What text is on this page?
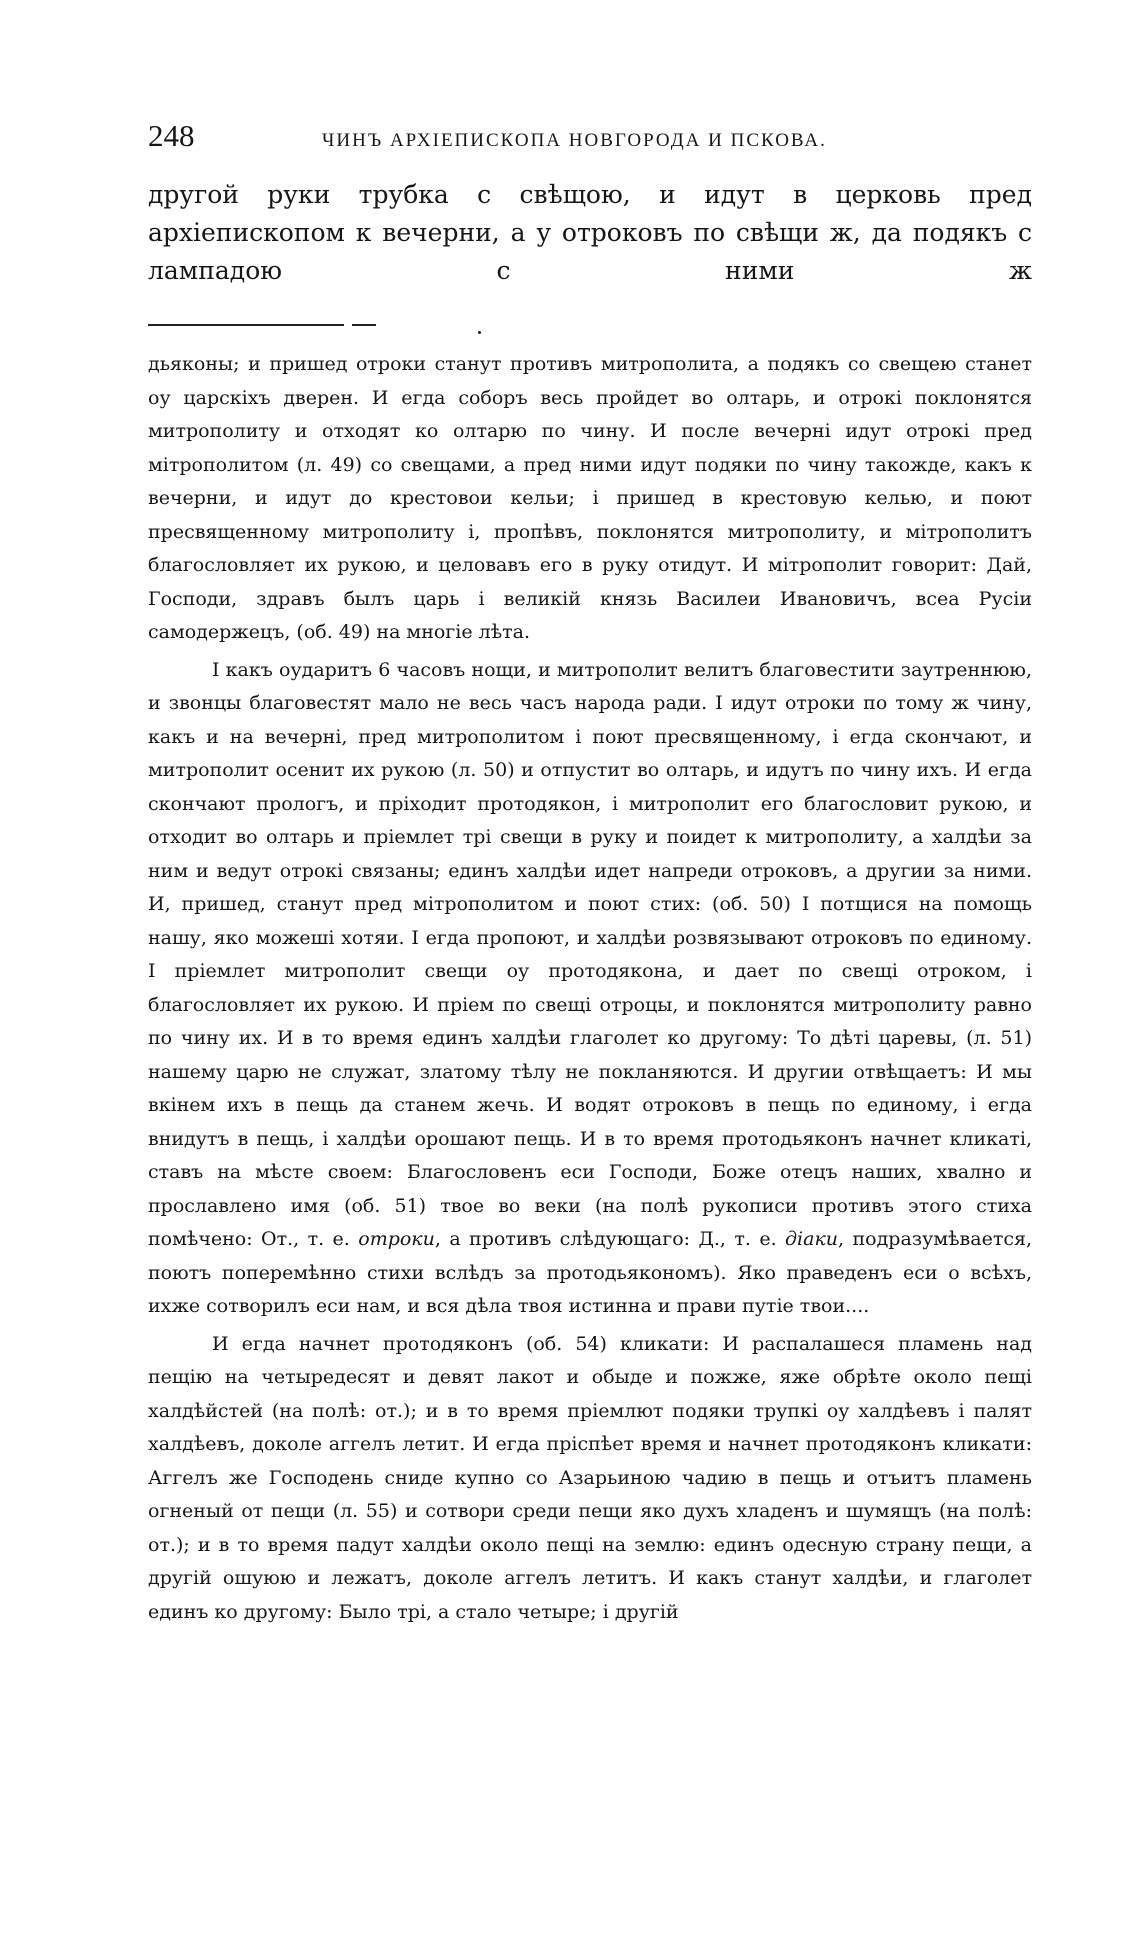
248	ЧИНЪ АРХІЕПИСКОПА НОВГОРОДА И ПСКОВА.

другой руки трубка с свѣщою, и идут в церковь пред архіепископом к вечерни, а у отроковъ по свѣщи ж, да подякъ с лампадою с ними ж

дьяконы; и пришед отроки станут противъ митрополита, а подякъ со свещею станет оу царскіхъ дверен. И егда соборъ весь пройдет во олтарь, и отрокі поклонятся митрополиту и отходят ко олтарю по чину. И после вечерні идут отрокі пред мітрополитом (л. 49) со свещами, а пред ними идут подяки по чину такожде, какъ к вечерни, и идут до крестовои кельи; і пришед в крестовую келью, и поют пресвященному митрополиту і, пропѣвъ, поклонятся митрополиту, и мітрополитъ благословляет их рукою, и целовавъ его в руку отидут. И мітрополит говорит: Дай, Господи, здравъ былъ царь і великій князь Василеи Ивановичъ, всеа Русіи самодержецъ, (об. 49) на многіе лѣта.

І какъ оударитъ 6 часовъ нощи, и митрополит велитъ благовестити заутреннюю, и звонцы благовестят мало не весь часъ народа ради. І идут отроки по тому ж чину, какъ и на вечерні, пред митрополитом і поют пресвященному, і егда скончают, и митрополит осенит их рукою (л. 50) и отпустит во олтарь, и идутъ по чину ихъ. И егда скончают прологъ, и пріходит протодякон, і митрополит его благословит рукою, и отходит во олтарь и пріемлет трі свещи в руку и поидет к митрополиту, а халдѣи за ним и ведут отрокі связаны; единъ халдѣи идет напреди отроковъ, а другии за ними. И, пришед, станут пред мітрополитом и поют стих: (об. 50) І потщися на помощь нашу, яко можеші хотяи. І егда пропоют, и халдѣи розвязывают отроковъ по единому. І пріемлет митрополит свещи оу протодякона, и дает по свещі отроком, і благословляет их рукою. И пріем по свещі отроцы, и поклонятся митрополиту равно по чину их. И в то время единъ халдѣи глаголет ко другому: То дѣті царевы, (л. 51) нашему царю не служат, златому тѣлу не покланяются. И другии отвѣщаетъ: И мы вкінем ихъ в пещь да станем жечь. И водят отроковъ в пещь по единому, і егда внидутъ в пещь, і халдѣи орошают пещь. И в то время протодьяконъ начнет кликаті, ставъ на мѣсте своем: Благословенъ еси Господи, Боже отецъ наших, хвално и прославлено имя (об. 51) твое во веки (на полѣ рукописи противъ этого стиха помѣчено: От., т. е. отроки, а противъ слѣдующаго: Д., т. е. діаки, подразумѣвается, поютъ поперемѣнно стихи вслѣдъ за протодьякономъ). Яко праведенъ еси о всѣхъ, ихже сотворилъ еси нам, и вся дѣла твоя истинна и прави путіе твои....

И егда начнет протодяконъ (об. 54) кликати: И распалашеся пламень над пещію на четыредесят и девят лакот и обыде и пожже, яже обрѣте около пещі халдѣйстей (на полѣ: от.); и в то время пріемлют подяки трупкі оу халдѣевъ і палят халдѣевъ, доколе аггелъ летит. И егда пріспѣет время и начнет протодяконъ кликати: Аггелъ же Господень сниде купно со Азарьиною чадию в пещь и отъитъ пламень огненый от пещи (л. 55) и сотвори среди пещи яко духъ хладенъ и шумящъ (на полѣ: от.); и в то время падут халдѣи около пещі на землю: единъ одесную страну пещи, а другій ошуюю и лежатъ, доколе аггелъ летитъ. И какъ станут халдѣи, и глаголет единъ ко другому: Было трі, а стало четыре; і другій
